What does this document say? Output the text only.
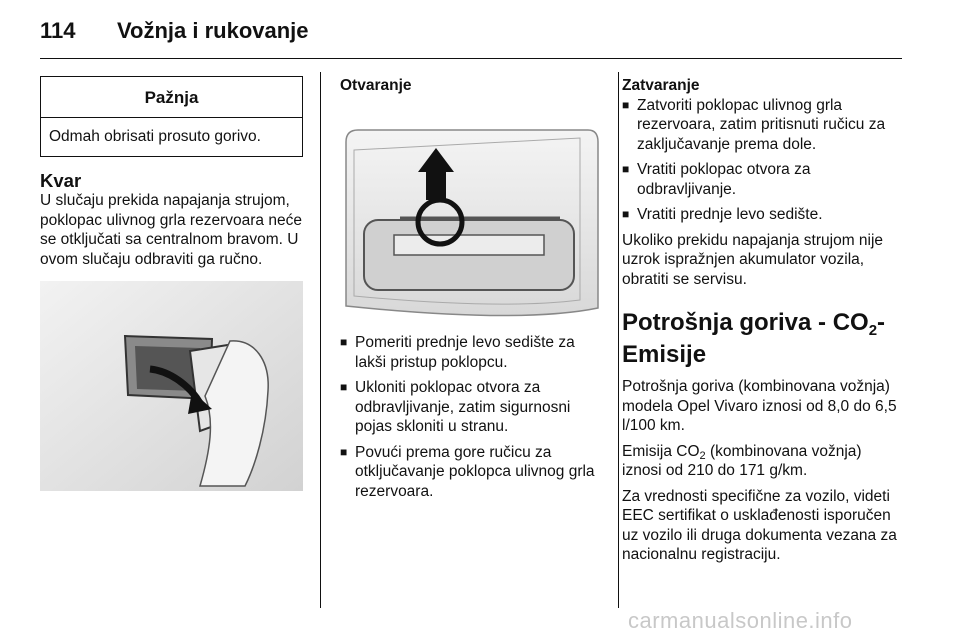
114 Vožnja i rukovanje
Pažnja
Odmah obrisati prosuto gorivo.
Kvar

U slučaju prekida napajanja strujom, poklopac ulivnog grla rezervoara neće se otključati sa centralnom bravom. U ovom slučaju odbraviti ga ručno.

Otvaranje
■ Pomeriti prednje levo sedište za lakši pristup poklopcu.
■ Ukloniti poklopac otvora za odbravljivanje, zatim sigurnosni pojas skloniti u stranu.
■ Povući prema gore ručicu za otključavanje poklopca ulivnog grla rezervoara.
Zatvaranje
■ Zatvoriti poklopac ulivnog grla rezervoara, zatim pritisnuti ručicu za zaključavanje prema dole.
■ Vratiti poklopac otvora za odbravljivanje.
■ Vratiti prednje levo sedište.

Ukoliko prekidu napajanja strujom nije uzrok ispražnjen akumulator vozila, obratiti se servisu.

Potrošnja goriva - $CO_2-$
Emisije

Potrošnja goriva (kombinovana vožnja) modela Opel Vivaro iznosi od 8,0 do 6,5 l/100 km.

Emisija $CO_2$ (kombinovana vožnja) iznosi od 210 do 171 g/km.

Za vrednosti specifične za vozilo, videti EEC sertifikat o usklađenosti isporučen uz vozilo ili druga dokumenta vezana za nacionalnu registraciju.

carmanualsonline.info
